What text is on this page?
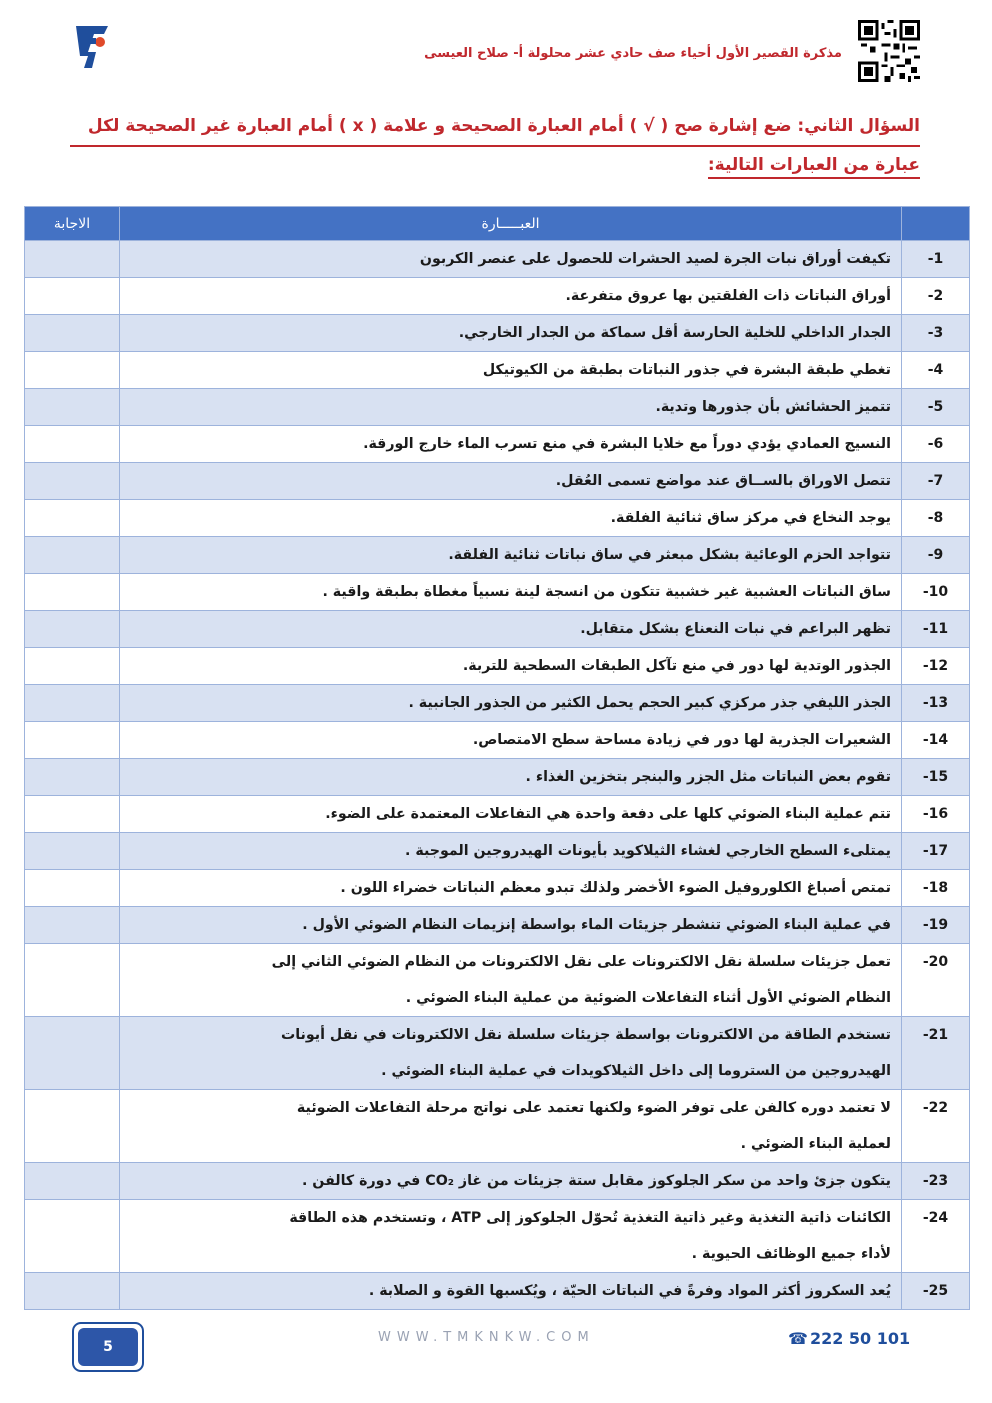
مذكرة القصير الأول أحياء صف حادي عشر محلولة أ- صلاح العيسى
السؤال الثاني: ضع إشارة صح ( √ ) أمام العبارة الصحيحة و علامة ( x ) أمام العبارة غير الصحيحة لكل
عبارة من العبارات التالية:
	العبـــــارة	الاجابة
1-	تكيفت أوراق نبات الجرة لصيد الحشرات للحصول على عنصر الكربون	

2-	أوراق النباتات ذات الفلقتين بها عروق متفرعة.	

3-	الجدار الداخلي للخلية الحارسة أقل سماكة من الجدار الخارجي.	

4-	تغطي طبقة البشرة في جذور النباتات بطبقة من الكيوتيكل	

5-	تتميز الحشائش بأن جذورها وتدية.	

6-	النسيج العمادي يؤدي دوراً مع خلايا البشرة في منع تسرب الماء خارج الورقة.	

7-	تتصل الاوراق بالســاق عند مواضع تسمى العُقل.	

8-	يوجد النخاع في مركز ساق ثنائية الفلقة.	

9-	تتواجد الحزم الوعائية بشكل مبعثر في ساق نباتات ثنائية الفلقة.	

10-	ساق النباتات العشبية غير خشبية تتكون من انسجة لينة نسبياً مغطاة بطبقة واقية .	

11-	تظهر البراعم في نبات النعناع بشكل متقابل.	

12-	الجذور الوتدية لها دور في منع تآكل الطبقات السطحية للتربة.	

13-	الجذر الليفي جذر مركزي كبير الحجم يحمل الكثير من الجذور الجانبية .	

14-	الشعيرات الجذرية لها دور في زيادة مساحة سطح الامتصاص.	

15-	تقوم بعض النباتات مثل الجزر والبنجر بتخزين الغذاء .	

16-	تتم عملية البناء الضوئي كلها على دفعة واحدة هي التفاعلات المعتمدة على الضوء.	

17-	يمتلىء السطح الخارجي لغشاء الثيلاكويد بأيونات الهيدروجين الموجبة .	

18-	تمتص أصباغ الكلوروفيل الضوء الأخضر ولذلك تبدو معظم النباتات خضراء اللون .	

19-	في عملية البناء الضوئي تنشطر جزيئات الماء بواسطة إنزيمات النظام الضوئي الأول .	

20-	تعمل جزيئات سلسلة نقل الالكترونات على نقل الالكترونات من النظام الضوئي الثاني إلى
النظام الضوئي الأول أثناء التفاعلات الضوئية من عملية البناء الضوئي .	

21-	تستخدم الطاقة من الالكترونات بواسطة جزيئات سلسلة نقل الالكترونات في نقل أيونات
الهيدروجين من الستروما إلى داخل الثيلاكويدات في عملية البناء الضوئي .	

22-	لا تعتمد دوره كالفن على توفر الضوء ولكنها تعتمد على نواتج مرحلة التفاعلات الضوئية
لعملية البناء الضوئي .	

23-	يتكون جزئ واحد من سكر الجلوكوز مقابل ستة جزيئات من غاز CO₂ في دورة كالفن .	

24-	الكائنات ذاتية التغذية وغير ذاتية التغذية تُحوّل الجلوكوز إلى ATP ، وتستخدم هذه الطاقة
لأداء جميع الوظائف الحيوية .	

25-	يُعد السكروز أكثر المواد وفرةً في النباتات الحيّة ، ويُكسبها القوة و الصلابة .	

5
WWW.TMKNKW.COM	☎ 222 50 101
